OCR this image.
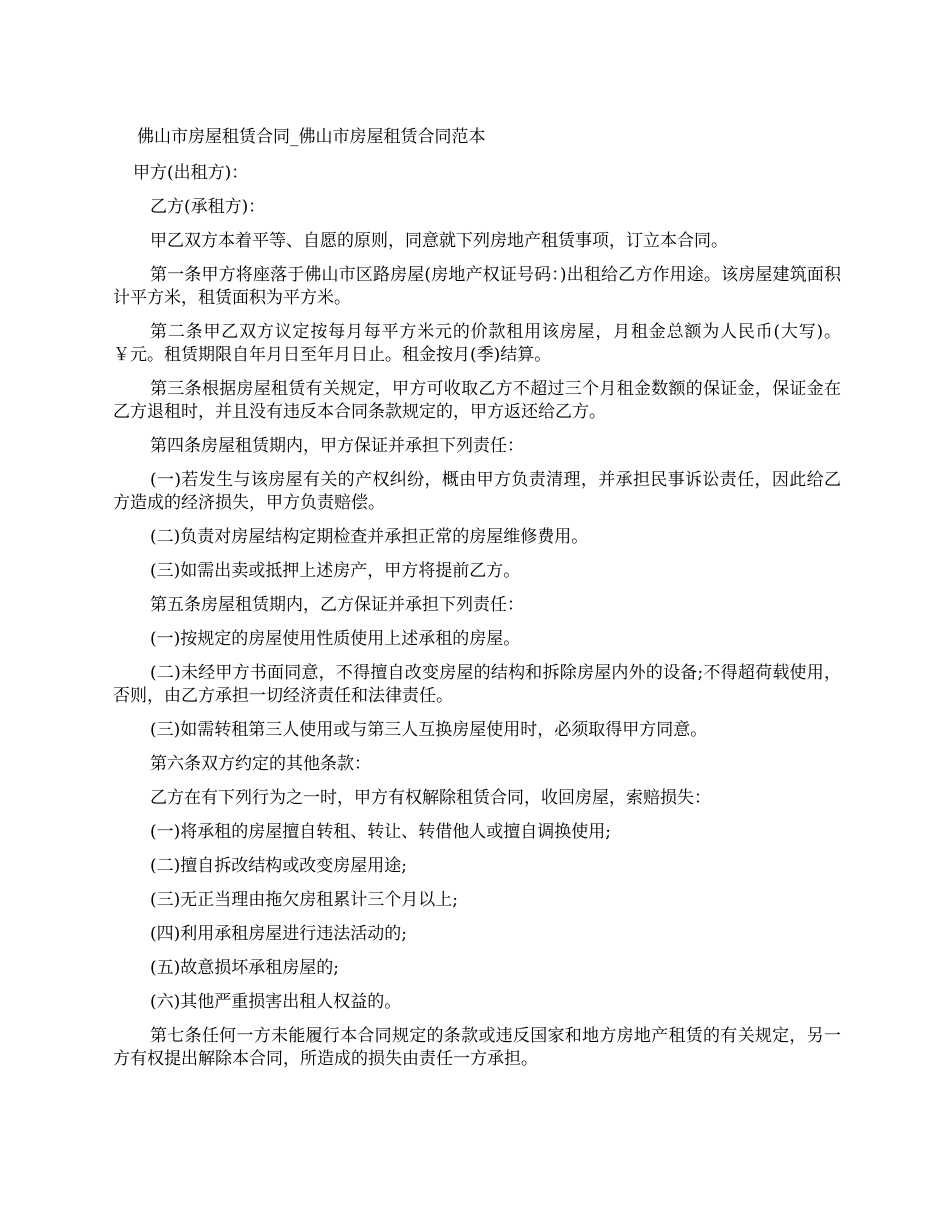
佛山市房屋租赁合同_佛山市房屋租赁合同范本

甲方(出租方)：

乙方(承租方)：

甲乙双方本着平等、自愿的原则，同意就下列房地产租赁事项，订立本合同。

第一条甲方将座落于佛山市区路房屋(房地产权证号码：)出租给乙方作用途。该房屋建筑面积计平方米，租赁面积为平方米。

第二条甲乙双方议定按每月每平方米元的价款租用该房屋，月租金总额为人民币(大写)。￥元。租赁期限自年月日至年月日止。租金按月(季)结算。

第三条根据房屋租赁有关规定，甲方可收取乙方不超过三个月租金数额的保证金，保证金在乙方退租时，并且没有违反本合同条款规定的，甲方返还给乙方。

第四条房屋租赁期内，甲方保证并承担下列责任：

(一)若发生与该房屋有关的产权纠纷，概由甲方负责清理，并承担民事诉讼责任，因此给乙方造成的经济损失，甲方负责赔偿。

(二)负责对房屋结构定期检查并承担正常的房屋维修费用。

(三)如需出卖或抵押上述房产，甲方将提前乙方。

第五条房屋租赁期内，乙方保证并承担下列责任：

(一)按规定的房屋使用性质使用上述承租的房屋。

(二)未经甲方书面同意，不得擅自改变房屋的结构和拆除房屋内外的设备;不得超荷载使用，否则，由乙方承担一切经济责任和法律责任。

(三)如需转租第三人使用或与第三人互换房屋使用时，必须取得甲方同意。

第六条双方约定的其他条款：

乙方在有下列行为之一时，甲方有权解除租赁合同，收回房屋，索赔损失：

(一)将承租的房屋擅自转租、转让、转借他人或擅自调换使用;

(二)擅自拆改结构或改变房屋用途;

(三)无正当理由拖欠房租累计三个月以上;

(四)利用承租房屋进行违法活动的;

(五)故意损坏承租房屋的;

(六)其他严重损害出租人权益的。

第七条任何一方未能履行本合同规定的条款或违反国家和地方房地产租赁的有关规定，另一方有权提出解除本合同，所造成的损失由责任一方承担。
